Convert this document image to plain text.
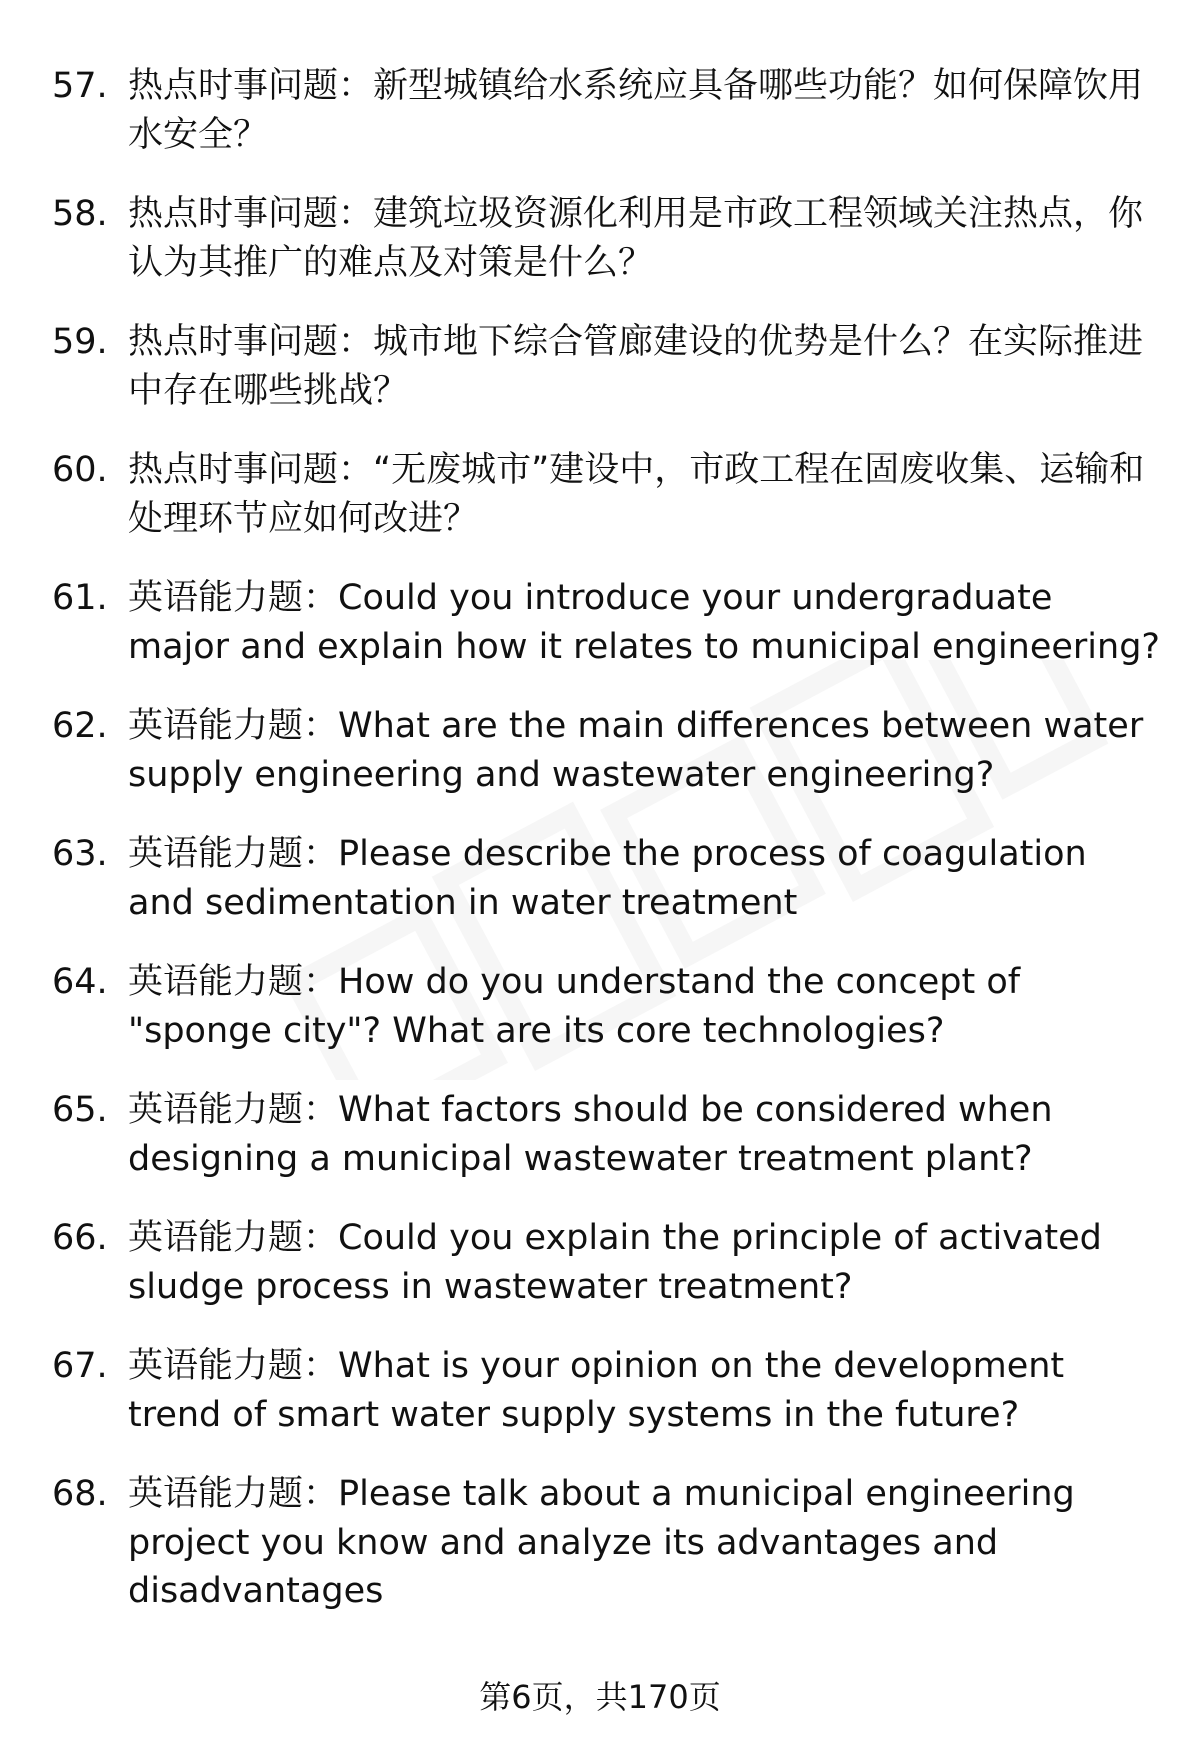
57. 热点时事问题：新型城镇给水系统应具备哪些功能？如何保障饮用水安全？
58. 热点时事问题：建筑垃圾资源化利用是市政工程领域关注热点，你认为其推广的难点及对策是什么？
59. 热点时事问题：城市地下综合管廊建设的优势是什么？在实际推进中存在哪些挑战？
60. 热点时事问题：“无废城市”建设中，市政工程在固废收集、运输和处理环节应如何改进？
61. 英语能力题：Could you introduce your undergraduate major and explain how it relates to municipal engineering?
62. 英语能力题：What are the main differences between water supply engineering and wastewater engineering?
63. 英语能力题：Please describe the process of coagulation and sedimentation in water treatment
64. 英语能力题：How do you understand the concept of "sponge city"? What are its core technologies?
65. 英语能力题：What factors should be considered when designing a municipal wastewater treatment plant?
66. 英语能力题：Could you explain the principle of activated sludge process in wastewater treatment?
67. 英语能力题：What is your opinion on the development trend of smart water supply systems in the future?
68. 英语能力题：Please talk about a municipal engineering project you know and analyze its advantages and disadvantages
第6页，共170页
